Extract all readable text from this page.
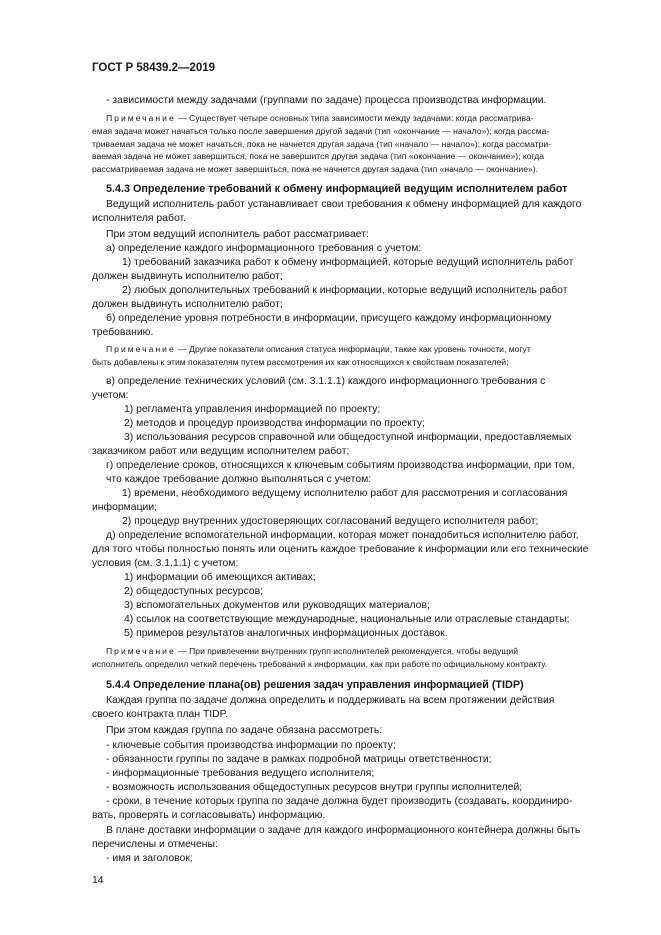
ГОСТ Р 58439.2—2019
- зависимости между задачами (группами по задаче) процесса производства информации.
Примечание — Существует четыре основных типа зависимости между задачами: когда рассматрива-
емая задача может начаться только после завершения другой задачи (тип «окончание — начало»); когда рассма-
триваемая задача не может начаться, пока не начнется другая задача (тип «начало — начало»); когда рассматри-
ваемая задача не может завершиться, пока не завершится другая задача (тип «окончание — окончание»); когда
рассматриваемая задача не может завершиться, пока не начнется другая задача (тип «начало — окончание»).
5.4.3 Определение требований к обмену информацией ведущим исполнителем работ
Ведущий исполнитель работ устанавливает свои требования к обмену информацией для каждого
исполнителя работ.
При этом ведущий исполнитель работ рассматривает:
а) определение каждого информационного требования с учетом:
1) требований заказчика работ к обмену информацией, которые ведущий исполнитель работ
должен выдвинуть исполнителю работ;
2) любых дополнительных требований к информации, которые ведущий исполнитель работ
должен выдвинуть исполнителю работ;
б) определение уровня потребности в информации, присущего каждому информационному
требованию.
Примечание — Другие показатели описания статуса информации, такие как уровень точности, могут
быть добавлены к этим показателям путем рассмотрения их как относящихся к свойствам показателей;
в) определение технических условий (см. 3.1.1.1) каждого информационного требования с
учетом:
1) регламента управления информацией по проекту;
2) методов и процедур производства информации по проекту;
3) использования ресурсов справочной или общедоступной информации, предоставляемых
заказчиком работ или ведущим исполнителем работ;
г) определение сроков, относящихся к ключевым событиям производства информации, при том,
что каждое требование должно выполняться с учетом:
1) времени, необходимого ведущему исполнителю работ для рассмотрения и согласования
информации;
2) процедур внутренних удостоверяющих согласований ведущего исполнителя работ;
д) определение вспомогательной информации, которая может понадобиться исполнителю работ,
для того чтобы полностью понять или оценить каждое требование к информации или его технические
условия (см. 3.1.1.1) с учетом:
1) информации об имеющихся активах;
2) общедоступных ресурсов;
3) вспомогательных документов или руководящих материалов;
4) ссылок на соответствующие международные, национальные или отраслевые стандарты;
5) примеров результатов аналогичных информационных доставок.
Примечание — При привлечении внутренних групп исполнителей рекомендуется, чтобы ведущий
исполнитель определил четкий перечень требований к информации, как при работе по официальному контракту.
5.4.4 Определение плана(ов) решения задач управления информацией (TIDP)
Каждая группа по задаче должна определить и поддерживать на всем протяжении действия
своего контракта план TIDP.
При этом каждая группа по задаче обязана рассмотреть:
- ключевые события производства информации по проекту;
- обязанности группы по задаче в рамках подробной матрицы ответственности;
- информационные требования ведущего исполнителя;
- возможность использования общедоступных ресурсов внутри группы исполнителей;
- сроки, в течение которых группа по задаче должна будет производить (создавать, координиро-
вать, проверять и согласовывать) информацию.
В плане доставки информации о задаче для каждого информационного контейнера должны быть
перечислены и отмечены:
- имя и заголовок;
14
